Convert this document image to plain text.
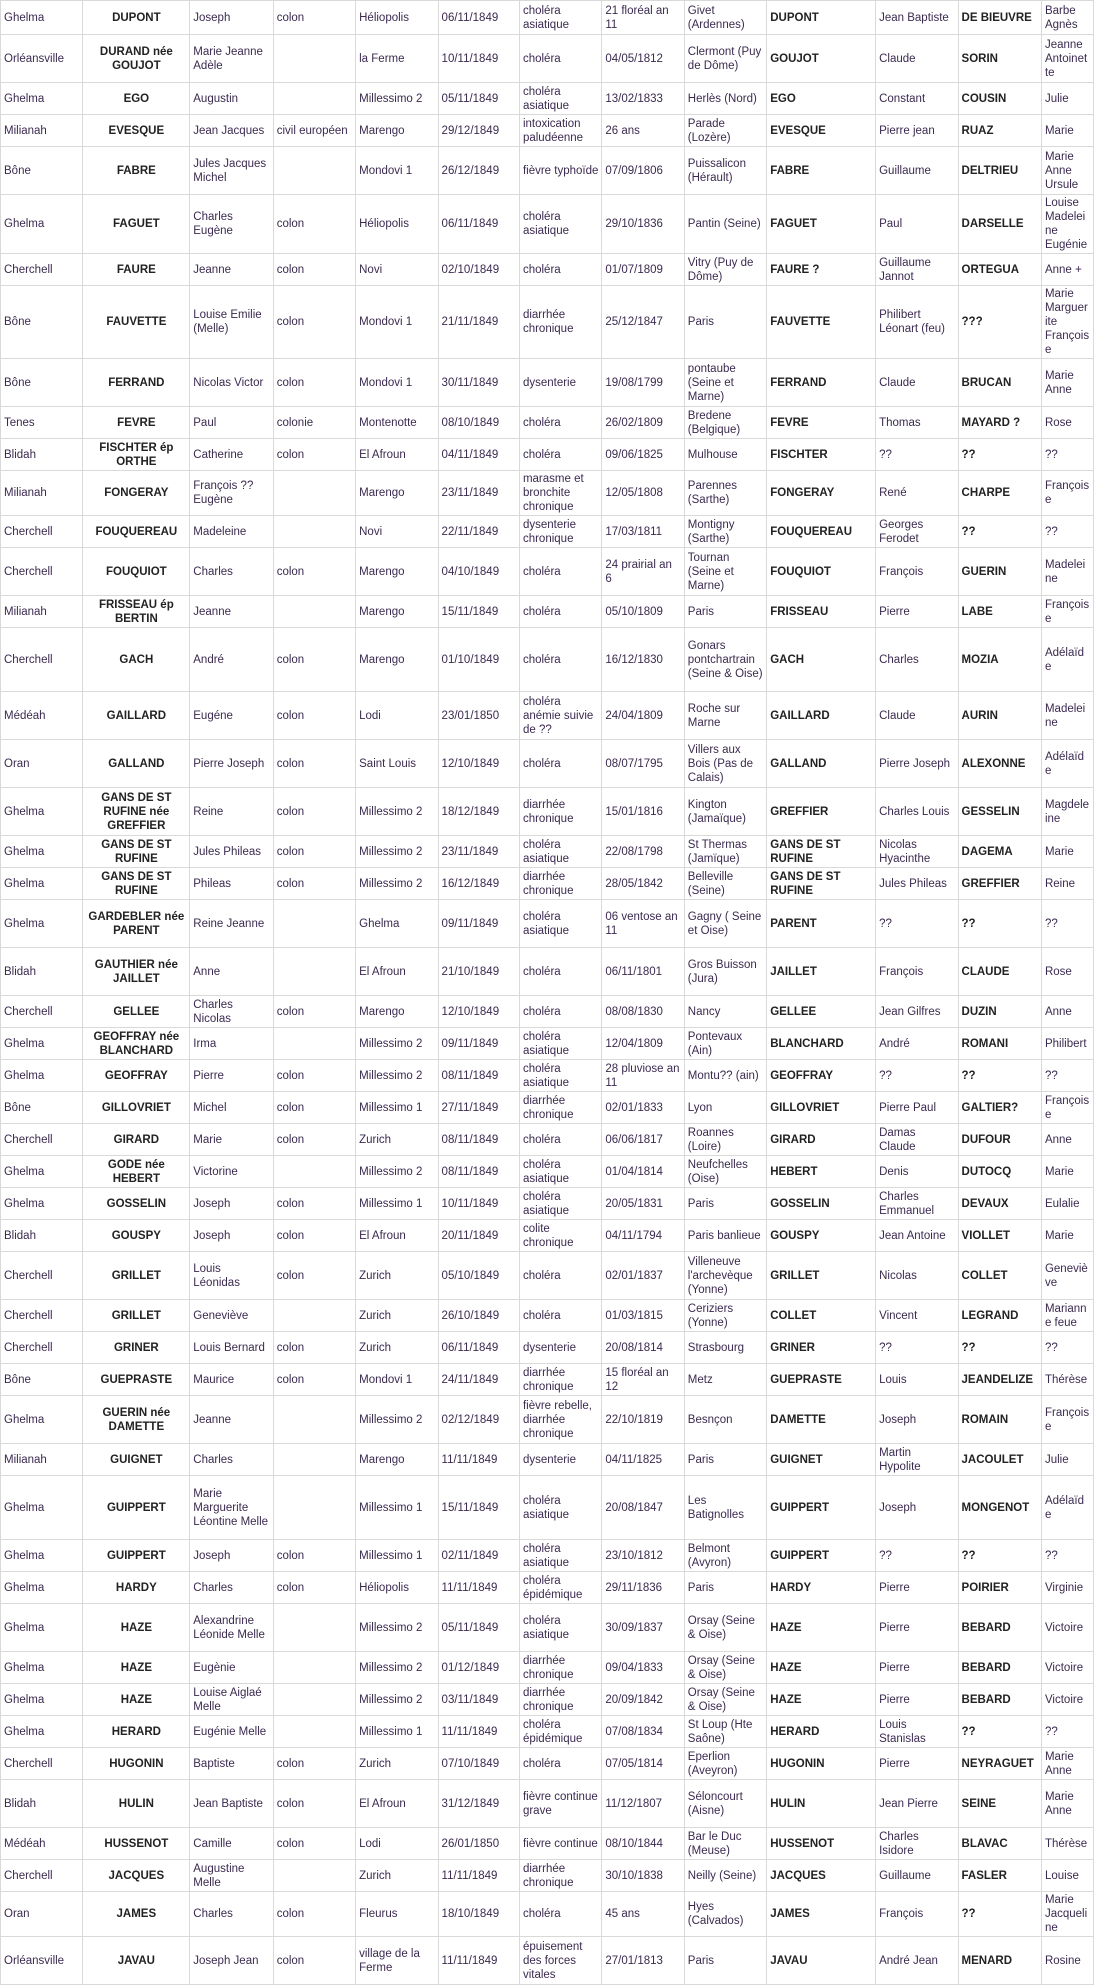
Ghelma	DUPONT	Joseph	colon	Héliopolis	06/11/1849	choléra asiatique	21 floréal an 11	Givet (Ardennes)	DUPONT	Jean Baptiste	DE BIEUVRE	Barbe Agnès
Orléansville	DURAND née GOUJOT	Marie Jeanne Adèle		la Ferme	10/11/1849	choléra	04/05/1812	Clermont (Puy de Dôme)	GOUJOT	Claude	SORIN	Jeanne Antoinette
Ghelma	EGO	Augustin		Millessimo 2	05/11/1849	choléra asiatique	13/02/1833	Herlès (Nord)	EGO	Constant	COUSIN	Julie
Milianah	EVESQUE	Jean Jacques	civil européen	Marengo	29/12/1849	intoxication paludéenne	26 ans	Parade (Lozère)	EVESQUE	Pierre jean	RUAZ	Marie
Bône	FABRE	Jules Jacques Michel		Mondovi 1	26/12/1849	fièvre typhoïde	07/09/1806	Puissalicon (Hérault)	FABRE	Guillaume	DELTRIEU	Marie Anne Ursule
Ghelma	FAGUET	Charles Eugène	colon	Héliopolis	06/11/1849	choléra asiatique	29/10/1836	Pantin (Seine)	FAGUET	Paul	DARSELLE	Louise Madeleine Eugénie
Cherchell	FAURE	Jeanne	colon	Novi	02/10/1849	choléra	01/07/1809	Vitry (Puy de Dôme)	FAURE ?	Guillaume Jannot	ORTEGUA	Anne +
Bône	FAUVETTE	Louise Emilie (Melle)	colon	Mondovi 1	21/11/1849	diarrhée chronique	25/12/1847	Paris	FAUVETTE	Philibert Léonart (feu)	???	Marie Marguerite Françoise
Bône	FERRAND	Nicolas Victor	colon	Mondovi 1	30/11/1849	dysenterie	19/08/1799	pontaube (Seine et Marne)	FERRAND	Claude	BRUCAN	Marie Anne
Tenes	FEVRE	Paul	colonie	Montenotte	08/10/1849	choléra	26/02/1809	Bredene (Belgique)	FEVRE	Thomas	MAYARD ?	Rose
Blidah	FISCHTER ép ORTHE	Catherine	colon	El Afroun	04/11/1849	choléra	09/06/1825	Mulhouse	FISCHTER	??	??	??
Milianah	FONGERAY	François ?? Eugène		Marengo	23/11/1849	marasme et bronchite chronique	12/05/1808	Parennes (Sarthe)	FONGERAY	René	CHARPE	Françoise
Cherchell	FOUQUEREAU	Madeleine		Novi	22/11/1849	dysenterie chronique	17/03/1811	Montigny (Sarthe)	FOUQUEREAU	Georges Ferodet	??	??
Cherchell	FOUQUIOT	Charles	colon	Marengo	04/10/1849	choléra	24 prairial an 6	Tournan (Seine et Marne)	FOUQUIOT	François	GUERIN	Madeleine
Milianah	FRISSEAU ép BERTIN	Jeanne		Marengo	15/11/1849	choléra	05/10/1809	Paris	FRISSEAU	Pierre	LABE	Françoise
Cherchell	GACH	André	colon	Marengo	01/10/1849	choléra	16/12/1830	Gonars pontchartrain (Seine & Oise)	GACH	Charles	MOZIA	Adélaïde
Médéah	GAILLARD	Eugéne	colon	Lodi	23/01/1850	choléra anémie suivie de ??	24/04/1809	Roche sur Marne	GAILLARD	Claude	AURIN	Madeleine
Oran	GALLAND	Pierre Joseph	colon	Saint Louis	12/10/1849	choléra	08/07/1795	Villers aux Bois (Pas de Calais)	GALLAND	Pierre Joseph	ALEXONNE	Adélaïde
Ghelma	GANS DE ST RUFINE née GREFFIER	Reine	colon	Millessimo 2	18/12/1849	diarrhée chronique	15/01/1816	Kington (Jamaïque)	GREFFIER	Charles Louis	GESSELIN	Magdeleine
Ghelma	GANS DE ST RUFINE	Jules Phileas	colon	Millessimo 2	23/11/1849	choléra asiatique	22/08/1798	St Thermas (Jamïque)	GANS DE ST RUFINE	Nicolas Hyacinthe	DAGEMA	Marie
Ghelma	GANS DE ST RUFINE	Phileas	colon	Millessimo 2	16/12/1849	diarrhée chronique	28/05/1842	Belleville (Seine)	GANS DE ST RUFINE	Jules Phileas	GREFFIER	Reine
Ghelma	GARDEBLER née PARENT	Reine Jeanne		Ghelma	09/11/1849	choléra asiatique	06 ventose an 11	Gagny ( Seine et Oise)	PARENT	??	??	??
Blidah	GAUTHIER née JAILLET	Anne		El Afroun	21/10/1849	choléra	06/11/1801	Gros Buisson (Jura)	JAILLET	François	CLAUDE	Rose
Cherchell	GELLEE	Charles Nicolas	colon	Marengo	12/10/1849	choléra	08/08/1830	Nancy	GELLEE	Jean Gilfres	DUZIN	Anne
Ghelma	GEOFFRAY née BLANCHARD	Irma		Millessimo 2	09/11/1849	choléra asiatique	12/04/1809	Pontevaux (Ain)	BLANCHARD	André	ROMANI	Philibert
Ghelma	GEOFFRAY	Pierre	colon	Millessimo 2	08/11/1849	choléra asiatique	28 pluviose an 11	Montu?? (ain)	GEOFFRAY	??	??	??
Bône	GILLOVRIET	Michel	colon	Millessimo 1	27/11/1849	diarrhée chronique	02/01/1833	Lyon	GILLOVRIET	Pierre Paul	GALTIER?	Françoise
Cherchell	GIRARD	Marie	colon	Zurich	08/11/1849	choléra	06/06/1817	Roannes (Loire)	GIRARD	Damas Claude	DUFOUR	Anne
Ghelma	GODE née HEBERT	Victorine		Millessimo 2	08/11/1849	choléra asiatique	01/04/1814	Neufchelles (Oise)	HEBERT	Denis	DUTOCQ	Marie
Ghelma	GOSSELIN	Joseph	colon	Millessimo 1	10/11/1849	choléra asiatique	20/05/1831	Paris	GOSSELIN	Charles Emmanuel	DEVAUX	Eulalie
Blidah	GOUSPY	Joseph	colon	El Afroun	20/11/1849	colite chronique	04/11/1794	Paris banlieue	GOUSPY	Jean Antoine	VIOLLET	Marie
Cherchell	GRILLET	Louis Léonidas	colon	Zurich	05/10/1849	choléra	02/01/1837	Villeneuve l'archevèque (Yonne)	GRILLET	Nicolas	COLLET	Geneviève
Cherchell	GRILLET	Geneviève		Zurich	26/10/1849	choléra	01/03/1815	Ceriziers (Yonne)	COLLET	Vincent	LEGRAND	Marianne feue
Cherchell	GRINER	Louis Bernard	colon	Zurich	06/11/1849	dysenterie	20/08/1814	Strasbourg	GRINER	??	??	??
Bône	GUEPRASTE	Maurice	colon	Mondovi 1	24/11/1849	diarrhée chronique	15 floréal an 12	Metz	GUEPRASTE	Louis	JEANDELIZE	Thérèse
Ghelma	GUERIN née DAMETTE	Jeanne		Millessimo 2	02/12/1849	fièvre rebelle, diarrhée chronique	22/10/1819	Besnçon	DAMETTE	Joseph	ROMAIN	Françoise
Milianah	GUIGNET	Charles		Marengo	11/11/1849	dysenterie	04/11/1825	Paris	GUIGNET	Martin Hypolite	JACOULET	Julie
Ghelma	GUIPPERT	Marie Marguerite Léontine Melle		Millessimo 1	15/11/1849	choléra asiatique	20/08/1847	Les Batignolles	GUIPPERT	Joseph	MONGENOT	Adélaïde
Ghelma	GUIPPERT	Joseph	colon	Millessimo 1	02/11/1849	choléra asiatique	23/10/1812	Belmont (Avyron)	GUIPPERT	??	??	??
Ghelma	HARDY	Charles	colon	Héliopolis	11/11/1849	choléra épidémique	29/11/1836	Paris	HARDY	Pierre	POIRIER	Virginie
Ghelma	HAZE	Alexandrine Léonide Melle		Millessimo 2	05/11/1849	choléra asiatique	30/09/1837	Orsay (Seine & Oise)	HAZE	Pierre	BEBARD	Victoire
Ghelma	HAZE	Eugènie		Millessimo 2	01/12/1849	diarrhée chronique	09/04/1833	Orsay (Seine & Oise)	HAZE	Pierre	BEBARD	Victoire
Ghelma	HAZE	Louise Aiglaé Melle		Millessimo 2	03/11/1849	diarrhée chronique	20/09/1842	Orsay (Seine & Oise)	HAZE	Pierre	BEBARD	Victoire
Ghelma	HERARD	Eugénie Melle		Millessimo 1	11/11/1849	choléra épidémique	07/08/1834	St Loup (Hte Saône)	HERARD	Louis Stanislas	??	??
Cherchell	HUGONIN	Baptiste	colon	Zurich	07/10/1849	choléra	07/05/1814	Eperlion (Aveyron)	HUGONIN	Pierre	NEYRAGUET	Marie Anne
Blidah	HULIN	Jean Baptiste	colon	El Afroun	31/12/1849	fièvre continue grave	11/12/1807	Séloncourt (Aisne)	HULIN	Jean Pierre	SEINE	Marie Anne
Médéah	HUSSENOT	Camille	colon	Lodi	26/01/1850	fièvre continue	08/10/1844	Bar le Duc (Meuse)	HUSSENOT	Charles Isidore	BLAVAC	Thérèse
Cherchell	JACQUES	Augustine Melle		Zurich	11/11/1849	diarrhée chronique	30/10/1838	Neilly (Seine)	JACQUES	Guillaume	FASLER	Louise
Oran	JAMES	Charles	colon	Fleurus	18/10/1849	choléra	45 ans	Hyes (Calvados)	JAMES	François	??	Marie Jacqueline
Orléansville	JAVAU	Joseph Jean	colon	village de la Ferme	11/11/1849	épuisement des forces vitales	27/01/1813	Paris	JAVAU	André Jean	MENARD	Rosine
